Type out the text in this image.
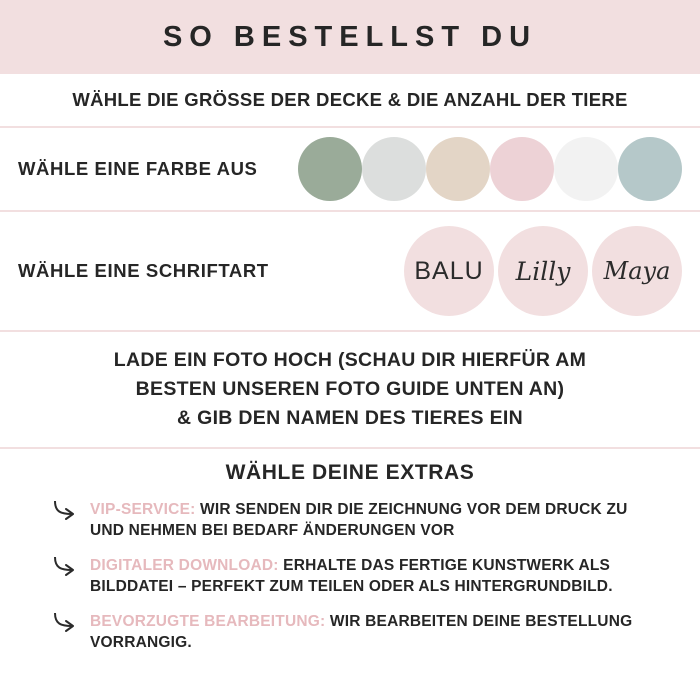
SO BESTELLST DU
WÄHLE DIE GRÖSSE DER DECKE & DIE ANZAHL DER TIERE
WÄHLE EINE FARBE AUS
WÄHLE EINE SCHRIFTART	BALU Lilly Maya
LADE EIN FOTO HOCH (SCHAU DIR HIERFÜR AM
BESTEN UNSEREN FOTO GUIDE UNTEN AN)
& GIB DEN NAMEN DES TIERES EIN
WÄHLE DEINE EXTRAS
VIP-SERVICE: WIR SENDEN DIR DIE ZEICHNUNG VOR DEM DRUCK ZU UND NEHMEN BEI BEDARF ÄNDERUNGEN VOR
DIGITALER DOWNLOAD: ERHALTE DAS FERTIGE KUNSTWERK ALS BILDDATEI – PERFEKT ZUM TEILEN ODER ALS HINTERGRUNDBILD.
BEVORZUGTE BEARBEITUNG: WIR BEARBEITEN DEINE BESTELLUNG VORRANGIG.
